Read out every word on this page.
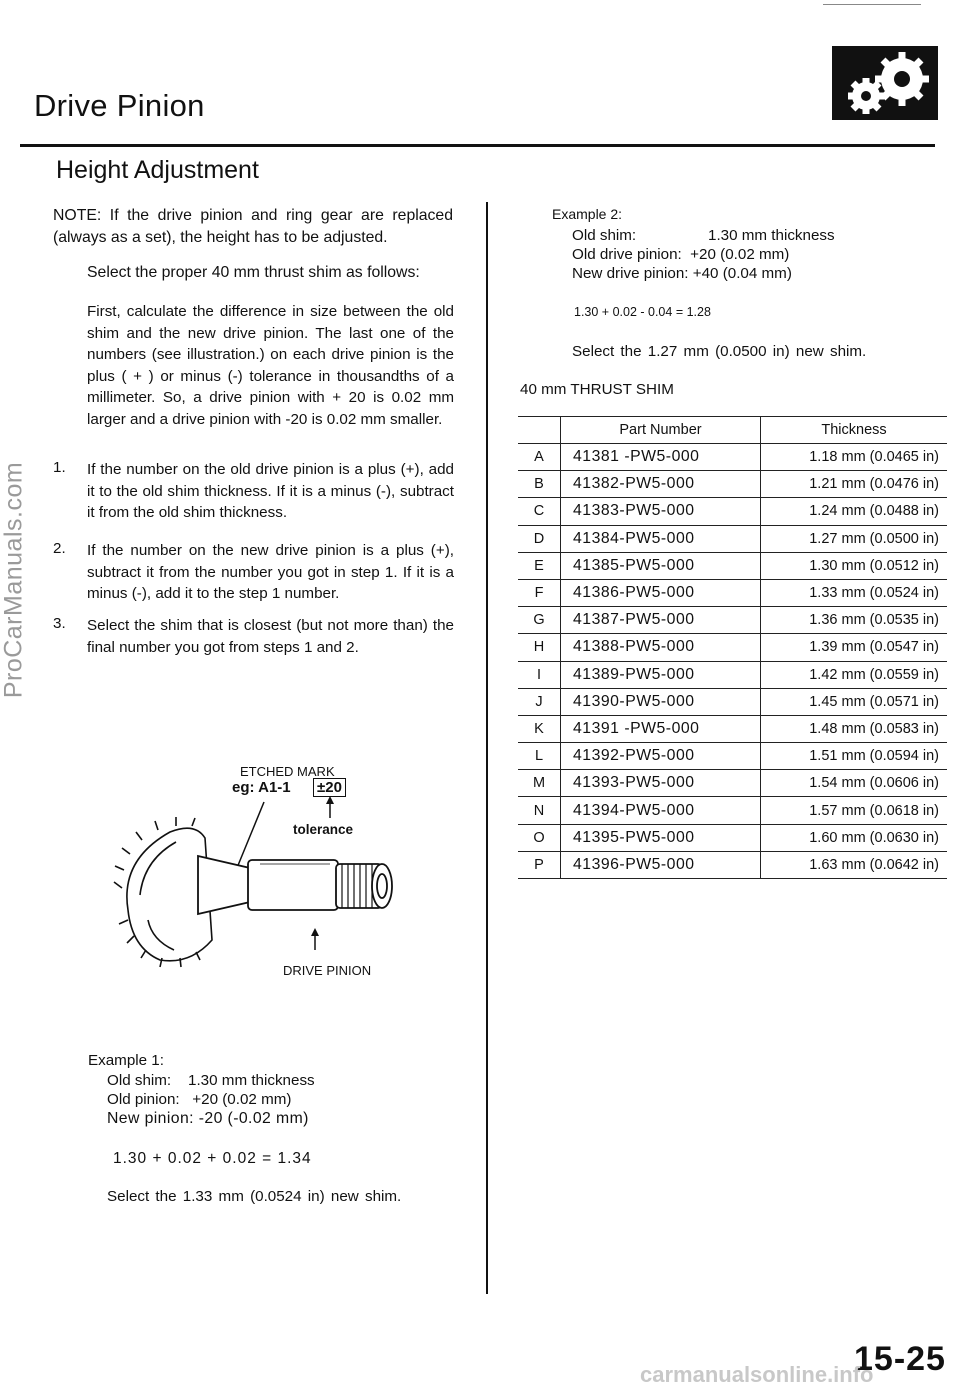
Drive Pinion
Height Adjustment
ProCarManuals.com
NOTE: If the drive pinion and ring gear are replaced (always as a set), the height has to be adjusted.
Select the proper 40 mm thrust shim as follows:
First, calculate the difference in size between the old shim and the new drive pinion. The last one of the numbers (see illustration.) on each drive pinion is the plus ( + ) or minus (-) tolerance in thousandths of a millimeter. So, a drive pinion with + 20 is 0.02 mm larger and a drive pinion with -20 is 0.02 mm smaller.
1. If the number on the old drive pinion is a plus (+), add it to the old shim thickness. If it is a minus (-), subtract it from the old shim thickness.
2. If the number on the new drive pinion is a plus (+), subtract it from the number you got in step 1. If it is a minus (-), add it to the step 1 number.
3. Select the shim that is closest (but not more than) the final number you got from steps 1 and 2.
ETCHED MARK
eg: A1-1 ±20
tolerance
DRIVE PINION
Example 1:
Old shim:    1.30 mm thickness
Old pinion:   +20 (0.02 mm)
New pinion: -20 (-0.02 mm)
1.30 + 0.02 + 0.02 = 1.34
Select the 1.33 mm (0.0524 in) new shim.
Example 2:
Old shim:	1.30 mm thickness
Old drive pinion:  +20 (0.02 mm)
New drive pinion: +40 (0.04 mm)
1.30 + 0.02 - 0.04 = 1.28
Select the 1.27 mm (0.0500 in) new shim.
40 mm THRUST SHIM
	Part Number	Thickness
A	41381 -PW5-000	1.18 mm (0.0465 in)
B	41382-PW5-000	1.21 mm (0.0476 in)
C	41383-PW5-000	1.24 mm (0.0488 in)
D	41384-PW5-000	1.27 mm (0.0500 in)
E	41385-PW5-000	1.30 mm (0.0512 in)
F	41386-PW5-000	1.33 mm (0.0524 in)
G	41387-PW5-000	1.36 mm (0.0535 in)
H	41388-PW5-000	1.39 mm (0.0547 in)
I	41389-PW5-000	1.42 mm (0.0559 in)
J	41390-PW5-000	1.45 mm (0.0571 in)
K	41391 -PW5-000	1.48 mm (0.0583 in)
L	41392-PW5-000	1.51 mm (0.0594 in)
M	41393-PW5-000	1.54 mm (0.0606 in)
N	41394-PW5-000	1.57 mm (0.0618 in)
O	41395-PW5-000	1.60 mm (0.0630 in)
P	41396-PW5-000	1.63 mm (0.0642 in)
15-25
carmanualsonline.info
